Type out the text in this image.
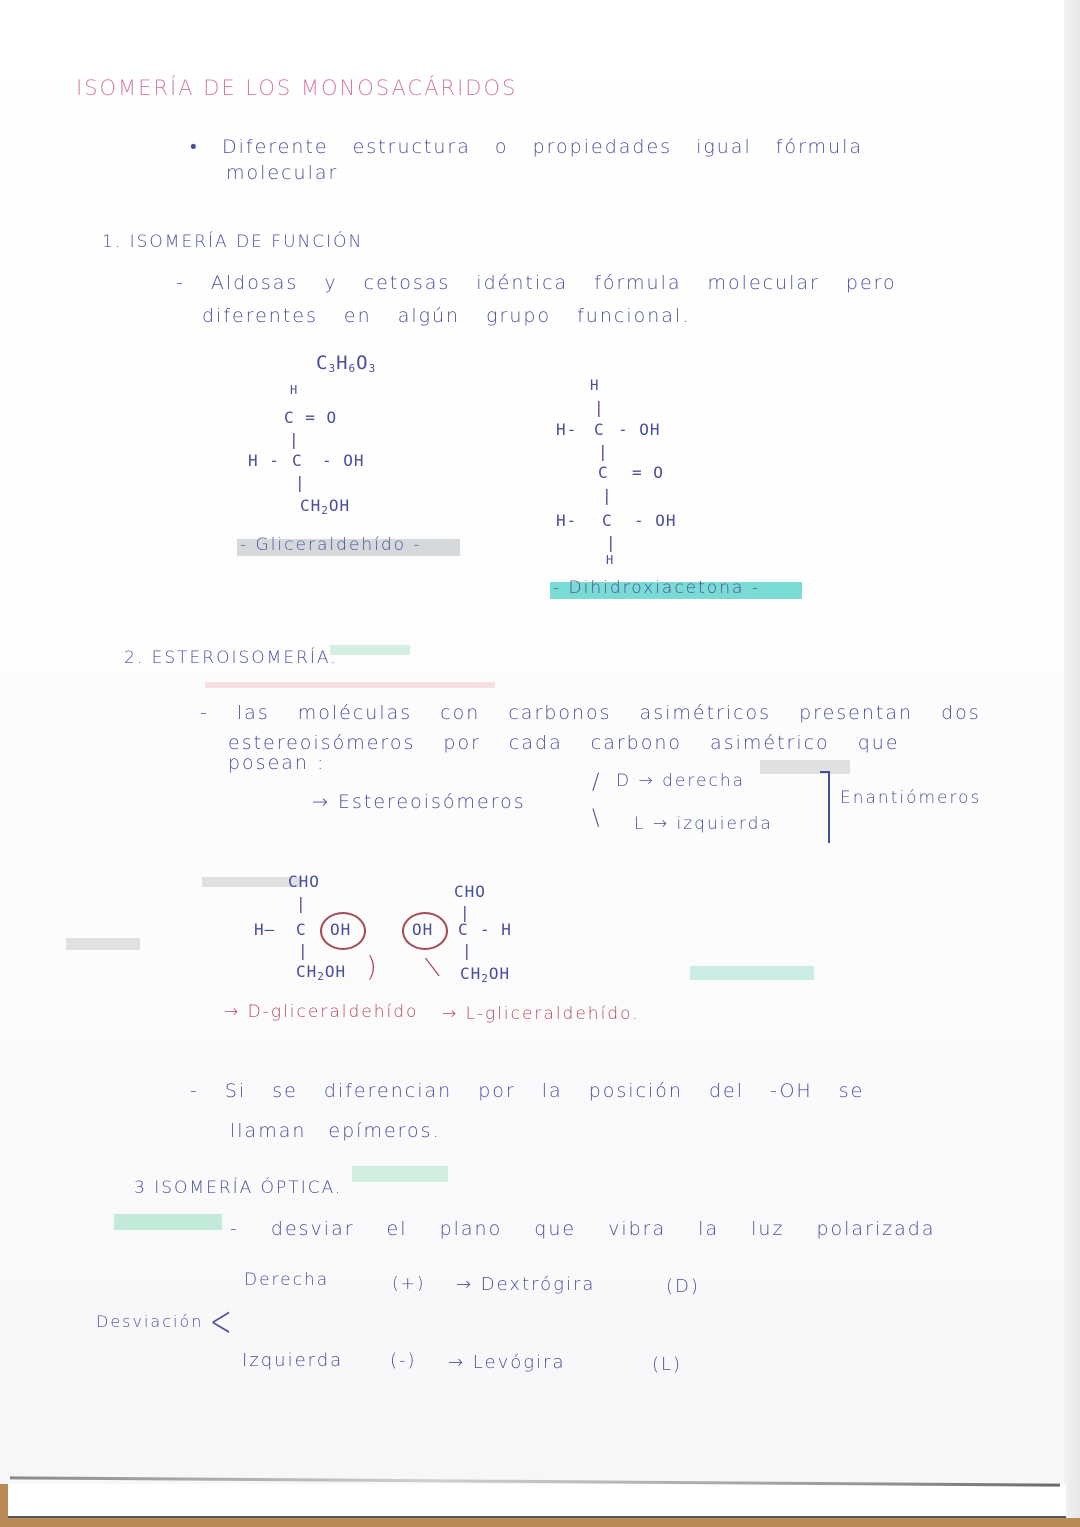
ISOMERÍA DE LOS MONOSACÁRIDOS
• Diferente estructura o propiedades igual fórmula
molecular
1. ISOMERÍA DE FUNCIÓN
- Aldosas y cetosas idéntica fórmula molecular pero
diferentes en algún grupo funcional.
$C_3H_6O_3$
H
C = O
|
H - C - OH
|
$CH_2OH$
- Gliceraldehído -
H
|
H- C - OH
|
C = O
|
H- C - OH
|
H
- Dihidroxiacetona -
2. ESTEROISOMERÍA.
- las moléculas con carbonos asimétricos presentan dos
estereoisómeros por cada carbono asimétrico que
posean :
→ Estereoisómeros
/
\
D → derecha
L → izquierda
Enantiómeros
CHO
|
H— C OH
|
$CH_2OH$ )
→ D-gliceraldehído
CHO
|
OH C - H
|
$CH_2OH$
\
→ L-gliceraldehído.
- Si se diferencian por la posición del -OH se
llaman epímeros.
3 ISOMERÍA ÓPTICA.
- desviar el plano que vibra la luz polarizada
Desviación <
Derecha	(+) → Dextrógira	(D)
Izquierda	(-) → Levógira	(L)
